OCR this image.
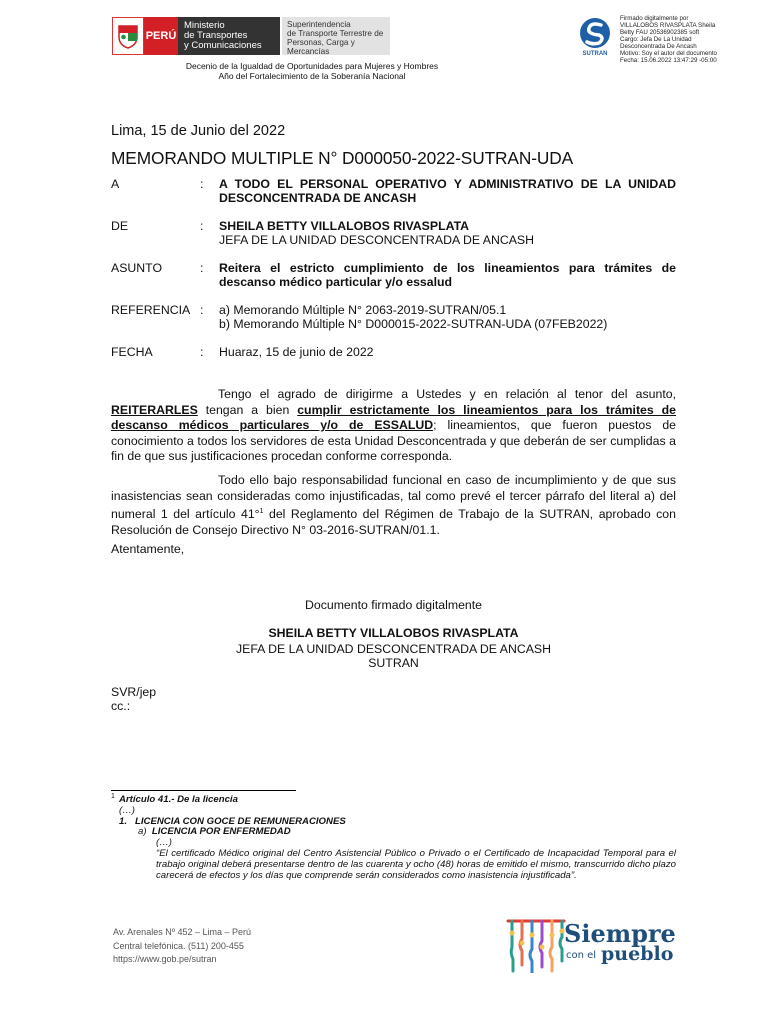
PERÚ
Ministerio
de Transportes
y Comunicaciones
Superintendencia
de Transporte Terrestre de
Personas, Carga y Mercancías
Decenio de la Igualdad de Oportunidades para Mujeres y Hombres
Año del Fortalecimiento de la Soberanía Nacional
SUTRAN
Firmado digitalmente por
VILLALOBOS RIVASPLATA Sheila
Betty FAU 20536902385 soft
Cargo: Jefa De La Unidad
Desconcentrada De Ancash
Motivo: Soy el autor del documento
Fecha: 15.06.2022 13:47:29 -05:00
Lima, 15 de Junio del 2022
MEMORANDO MULTIPLE N° D000050-2022-SUTRAN-UDA
A	: A TODO EL PERSONAL OPERATIVO Y ADMINISTRATIVO DE LA UNIDAD DESCONCENTRADA DE ANCASH
DE	: SHEILA BETTY VILLALOBOS RIVASPLATA
JEFA DE LA UNIDAD DESCONCENTRADA DE ANCASH
ASUNTO	: Reitera el estricto cumplimiento de los lineamientos para trámites de descanso médico particular y/o essalud
REFERENCIA : a) Memorando Múltiple N° 2063-2019-SUTRAN/05.1
b) Memorando Múltiple N° D000015-2022-SUTRAN-UDA (07FEB2022)
FECHA	: Huaraz, 15 de junio de 2022
Tengo el agrado de dirigirme a Ustedes y en relación al tenor del asunto, REITERARLES tengan a bien cumplir estrictamente los lineamientos para los trámites de descanso médicos particulares y/o de ESSALUD; lineamientos, que fueron puestos de conocimiento a todos los servidores de esta Unidad Desconcentrada y que deberán de ser cumplidas a fin de que sus justificaciones procedan conforme corresponda.
Todo ello bajo responsabilidad funcional en caso de incumplimiento y de que sus inasistencias sean consideradas como injustificadas, tal como prevé el tercer párrafo del literal a) del numeral 1 del artículo 41°$^1$ del Reglamento del Régimen de Trabajo de la SUTRAN, aprobado con Resolución de Consejo Directivo N° 03-2016-SUTRAN/01.1.
Atentamente,
Documento firmado digitalmente
SHEILA BETTY VILLALOBOS RIVASPLATA
JEFA DE LA UNIDAD DESCONCENTRADA DE ANCASH
SUTRAN
SVR/jep
cc.:
1 Artículo 41.- De la licencia
(…)
1. LICENCIA CON GOCE DE REMUNERACIONES
a) LICENCIA POR ENFERMEDAD
(…)
“El certificado Médico original del Centro Asistencial Público o Privado o el Certificado de Incapacidad Temporal para el trabajo original deberá presentarse dentro de las cuarenta y ocho (48) horas de emitido el mismo, transcurrido dicho plazo carecerá de efectos y los días que comprende serán considerados como inasistencia injustificada”.
Av. Arenales Nº 452 – Lima – Perú
Central telefónica. (511) 200-455
https://www.gob.pe/sutran
Siempre
con el pueblo
